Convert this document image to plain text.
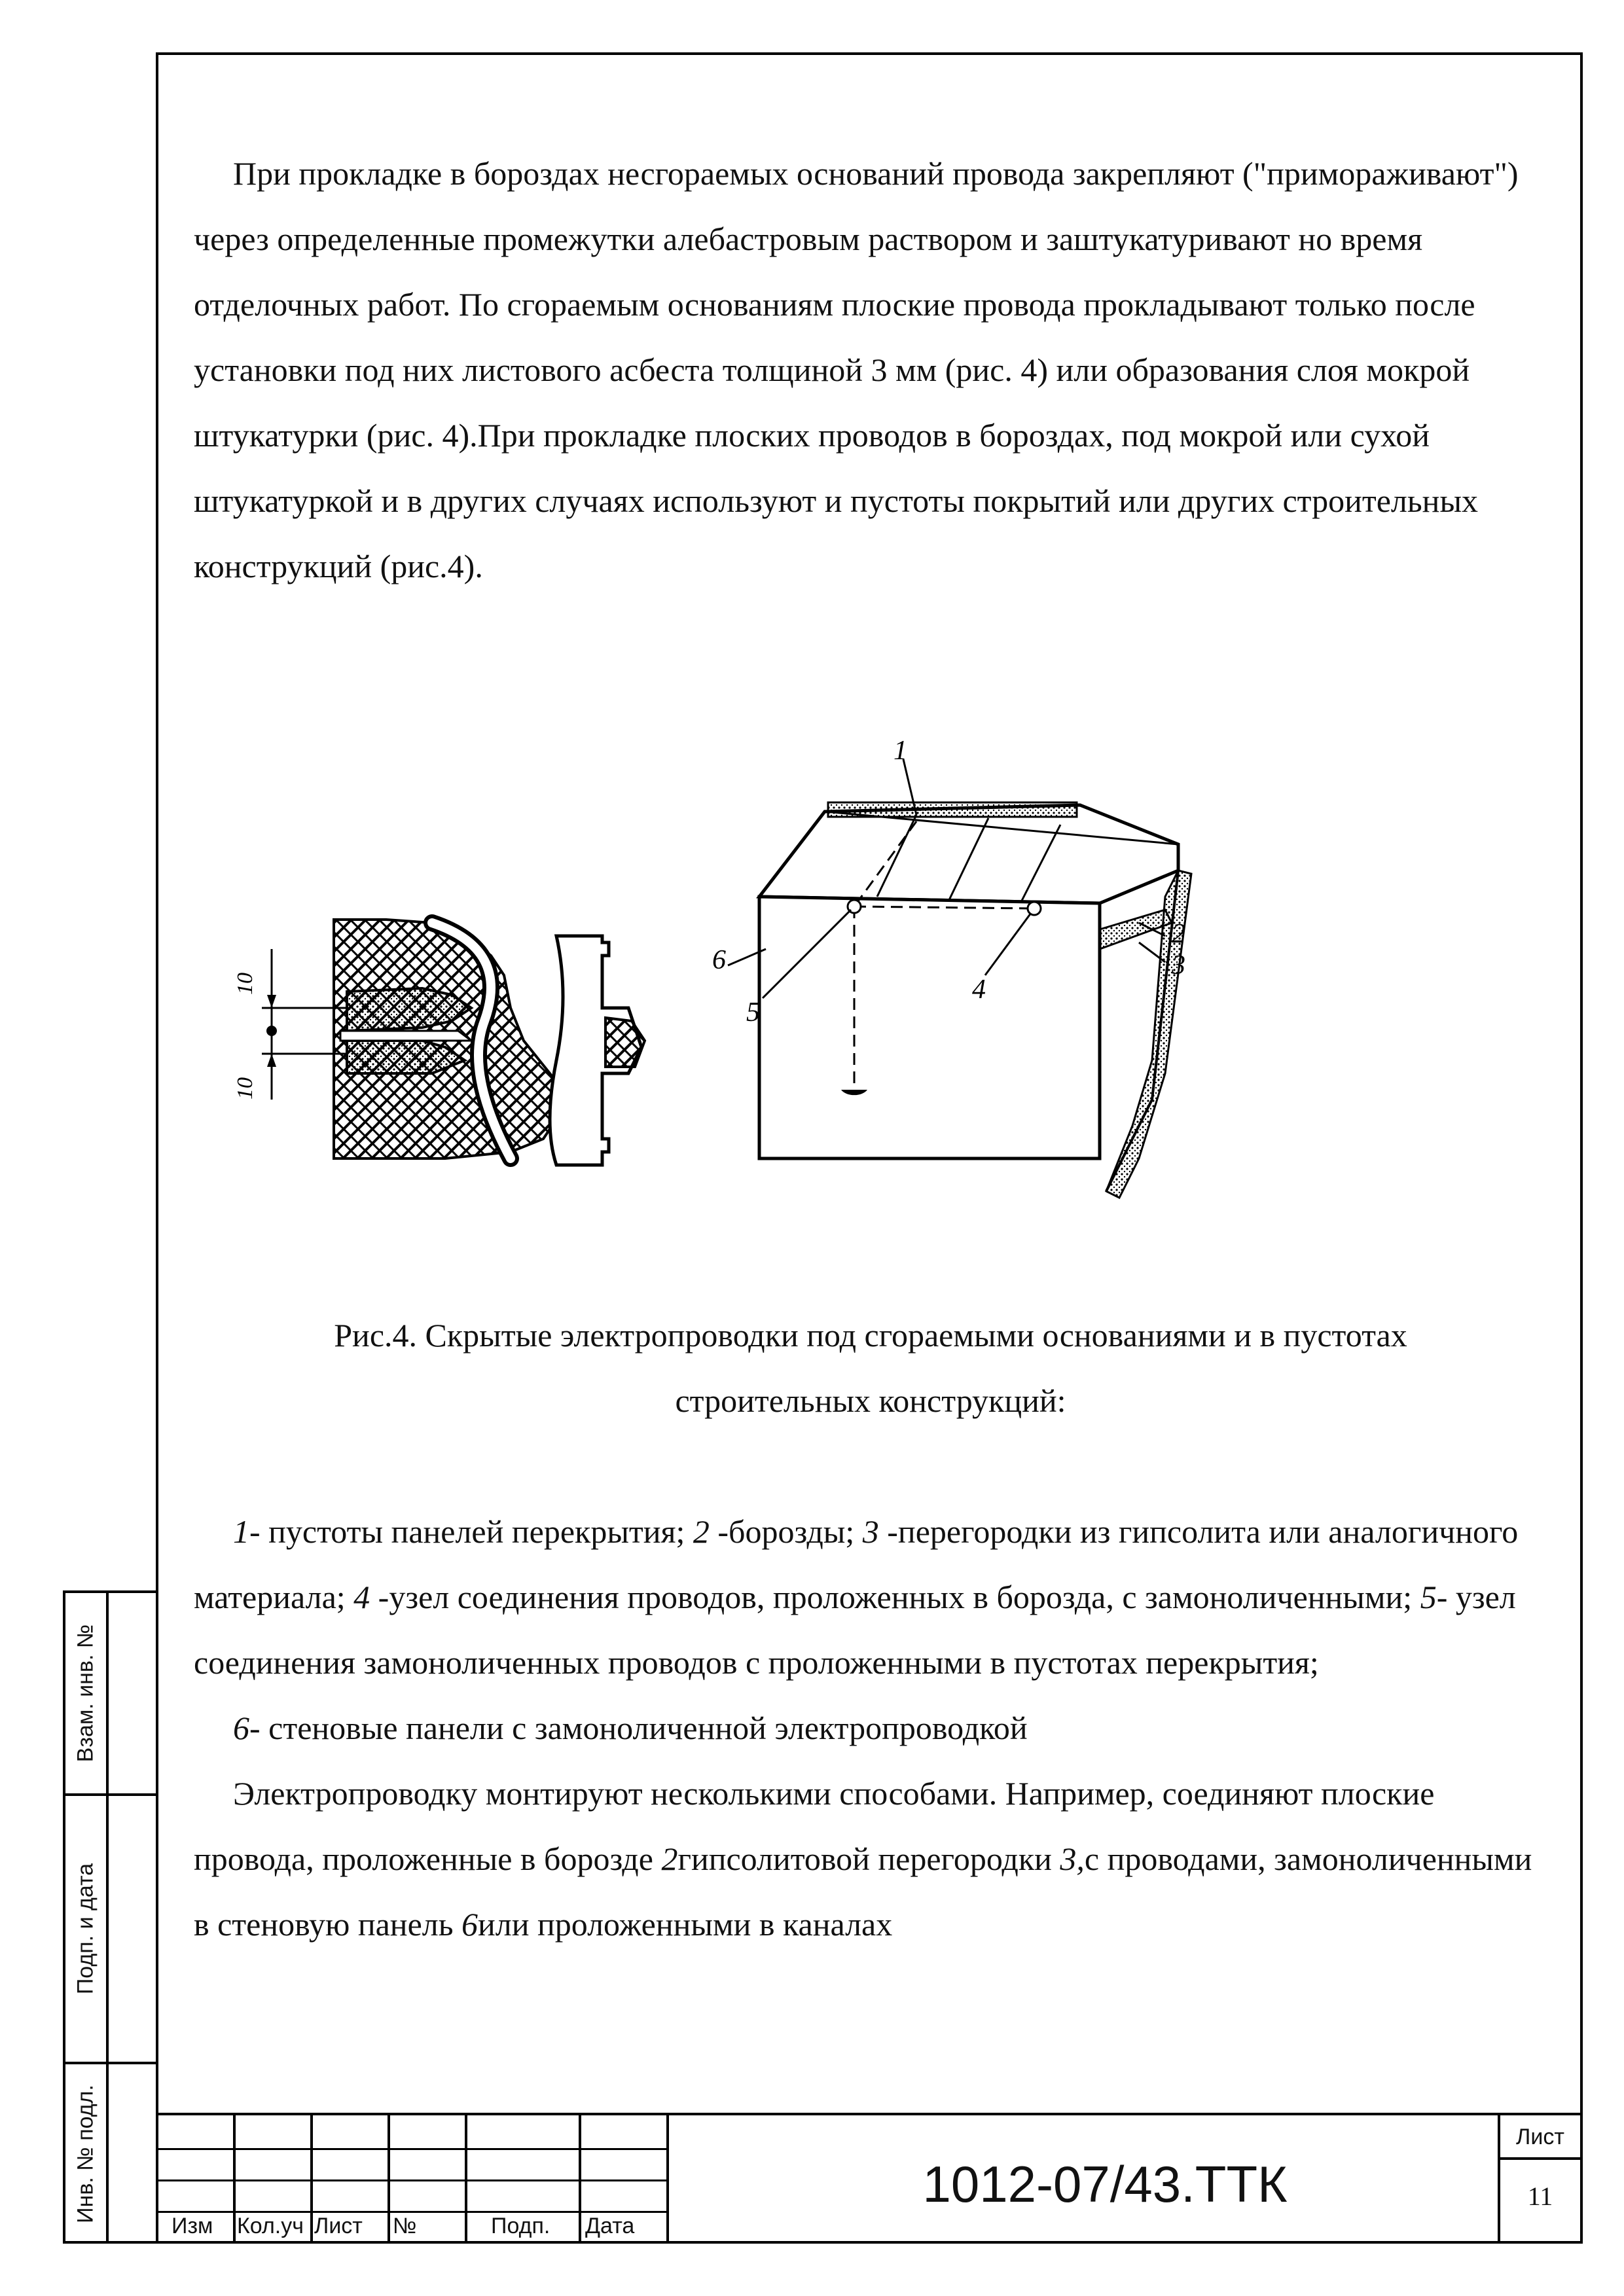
При прокладке в бороздах несгораемых оснований провода закрепляют ("примораживают") через определенные промежутки алебастровым раствором и заштукатуривают но время отделочных работ. По сгораемым основаниям плоские провода прокладывают только после установки под них листового асбеста толщиной 3 мм (рис. 4) или образования слоя мокрой штукатурки (рис. 4).При прокладке плоских проводов в бороздах, под мокрой или сухой штукатуркой и в других случаях используют и пустоты покрытий или других строительных конструкций (рис.4).

10
10
1
2
3
4
5
6

Рис.4. Скрытые электропроводки под сгораемыми основаниями и в пустотах

строительных конструкций:

1- пустоты панелей перекрытия; 2 -борозды; 3 -перегородки из гипсолита или аналогичного материала; 4 -узел соединения проводов, проложенных в борозда, с замоноличенными; 5- узел соединения замоноличенных проводов с проложенными в пустотах перекрытия;

6- стеновые панели с замоноличенной электропроводкой

Электропроводку монтируют несколькими способами. Например, соединяют плоские провода, проложенные в борозде 2гипсолитовой перегородки 3,с проводами, замоноличенными в стеновую панель 6или проложенными в каналах

Взам. инв. №
Подп. и дата
Инв. № подл.
Изм	Кол.уч Лист	№	Подп.	Дата
1012-07/43.ТТК
Лист
11
